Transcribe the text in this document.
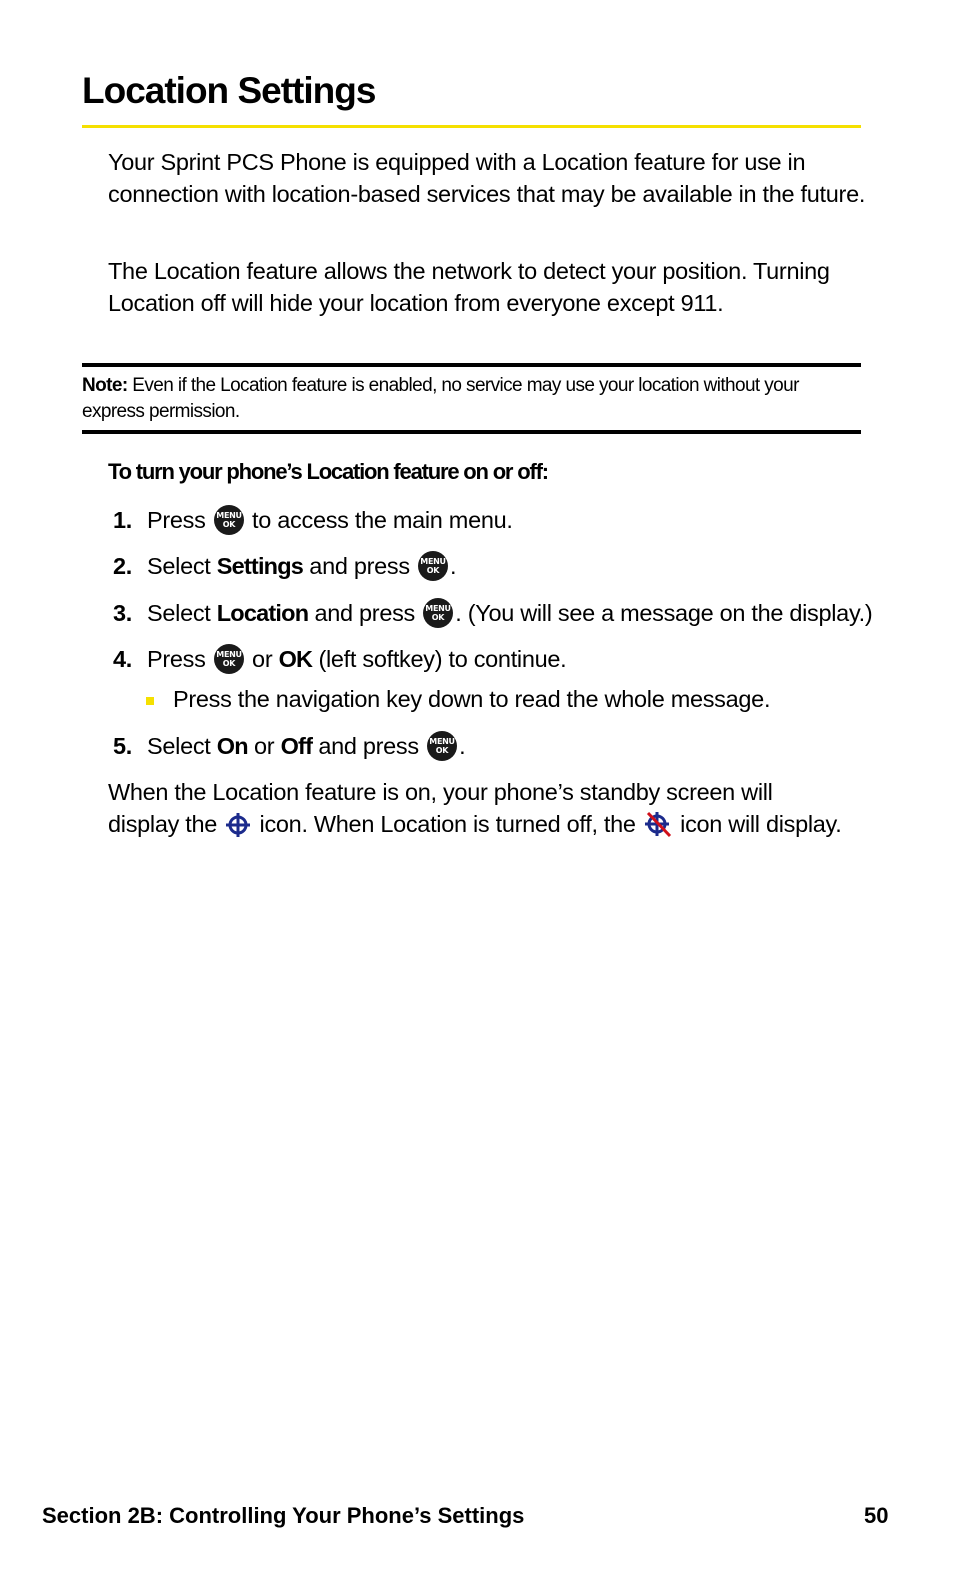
Location Settings

Your Sprint PCS Phone is equipped with a Location feature for use in connection with location-based services that may be available in the future.

The Location feature allows the network to detect your position. Turning Location off will hide your location from everyone except 911.

Note: Even if the Location feature is enabled, no service may use your location without your express permission.

To turn your phone’s Location feature on or off:

1. Press MENU
OK to access the main menu.

2. Select Settings and press MENU
OK .

3. Select Location and press MENU
OK . (You will see a message on the display.)

4. Press MENU
OK or OK (left softkey) to continue.

Press the navigation key down to read the whole message.

5. Select On or Off and press MENU
OK .

When the Location feature is on, your phone’s standby screen will
display the icon. When Location is turned off, the icon will display.

Section 2B: Controlling Your Phone’s Settings	50
